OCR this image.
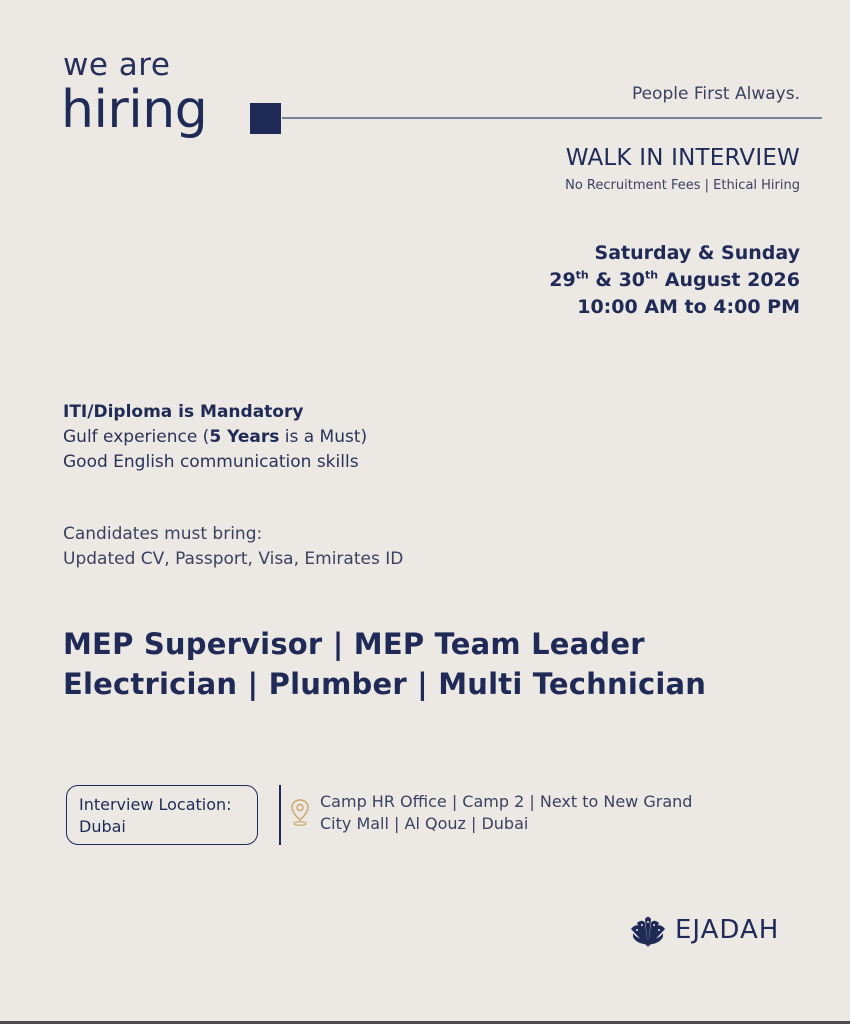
we are
hiring	People First Always.
WALK IN INTERVIEW
No Recruitment Fees | Ethical Hiring
Saturday & Sunday
29th & 30th August 2026
10:00 AM to 4:00 PM
ITI/Diploma is Mandatory
Gulf experience (5 Years is a Must)
Good English communication skills
Candidates must bring:
Updated CV, Passport, Visa, Emirates ID
MEP Supervisor | MEP Team Leader
Electrician | Plumber | Multi Technician
Interview Location:
Dubai
Camp HR Office | Camp 2 | Next to New Grand
City Mall | Al Qouz | Dubai
EJADAH
